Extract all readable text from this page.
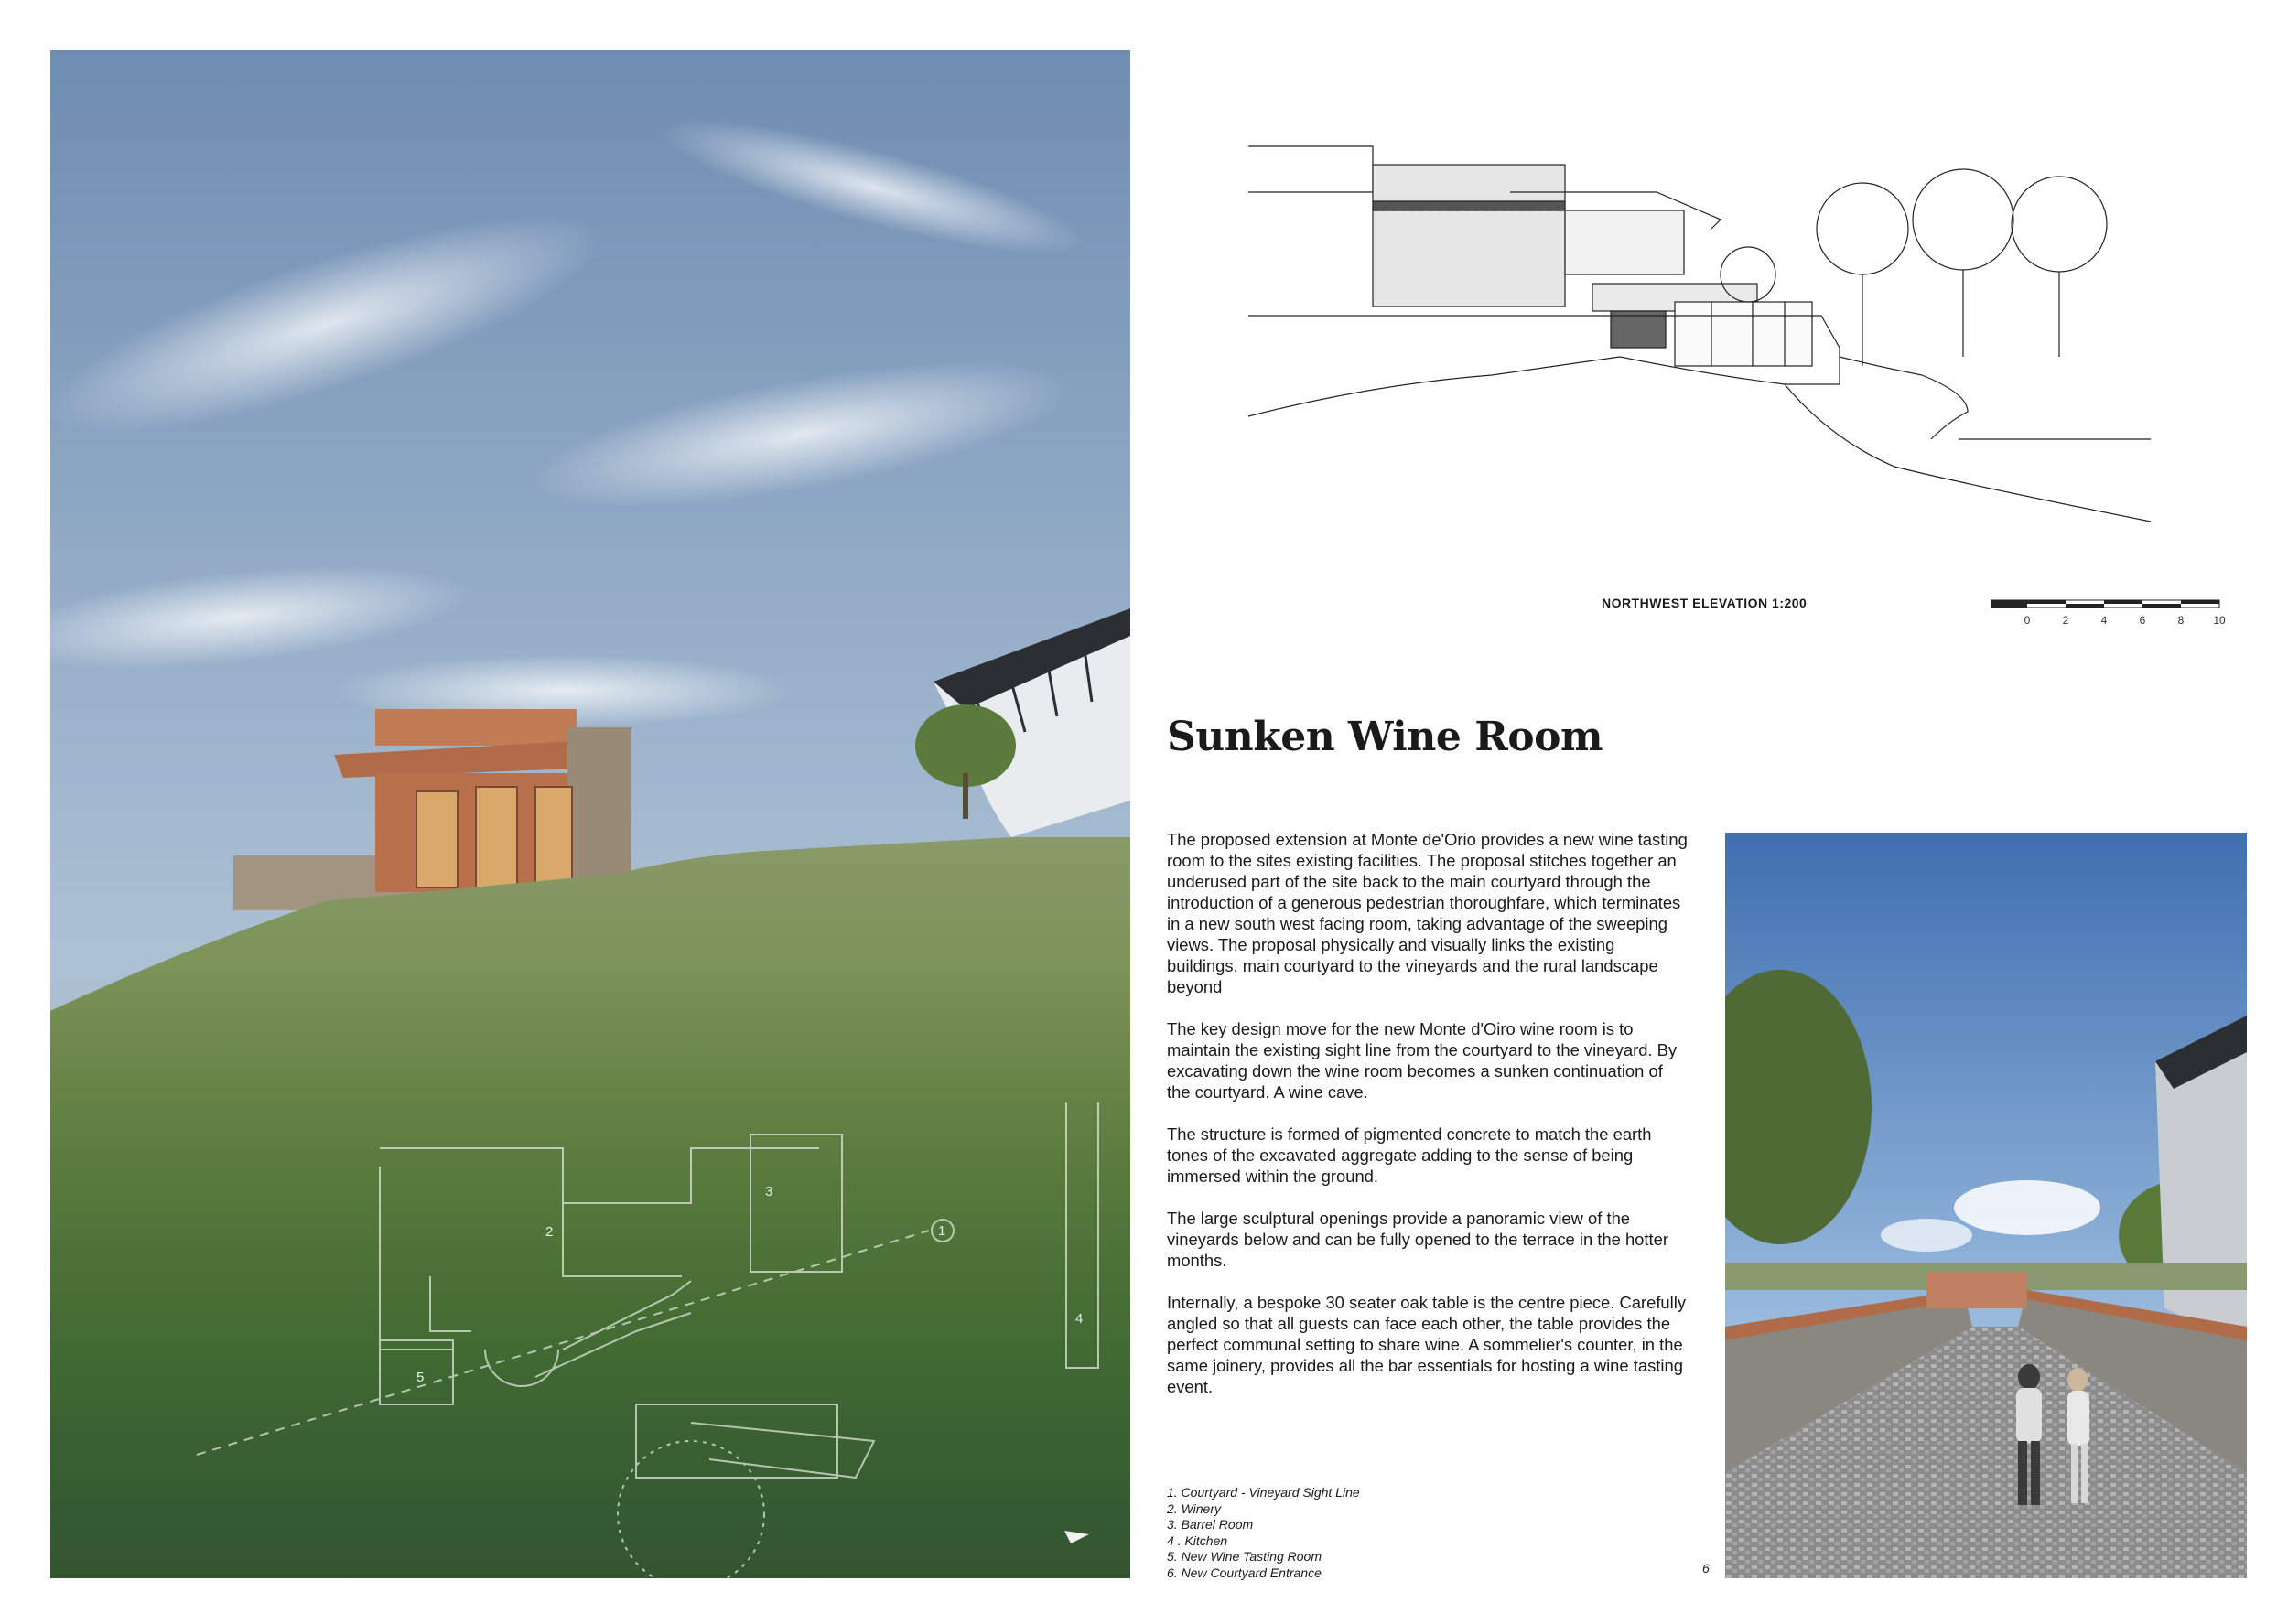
2
3
1
4
5
NORTHWEST ELEVATION 1:200
0	2	4	6	8	10
Sunken Wine Room

The proposed extension at Monte de'Orio provides a new wine tasting room to the sites existing facilities. The proposal stitches together an underused part of the site back to the main courtyard through the introduction of a generous pedestrian thoroughfare, which terminates in a new south west facing room, taking advantage of the sweeping views. The proposal physically and visually links the existing buildings, main courtyard to the vineyards and the rural landscape beyond

The key design move for the new Monte d'Oiro wine room is to maintain the existing sight line from the courtyard to the vineyard. By excavating down the wine room becomes a sunken continuation of the courtyard. A wine cave.

The structure is formed of pigmented concrete to match the earth tones of the excavated aggregate adding to the sense of being immersed within the ground.

The large sculptural openings provide a panoramic view of the vineyards below and can be fully opened to the terrace in the hotter months.

Internally, a bespoke 30 seater oak table is the centre piece. Carefully angled so that all guests can face each other, the table provides the perfect communal setting to share wine. A sommelier's counter, in the same joinery, provides all the bar essentials for hosting a wine tasting event.

1. Courtyard - Vineyard Sight Line
2. Winery
3. Barrel Room
4 . Kitchen
5. New Wine Tasting Room
6. New Courtyard Entrance	6
